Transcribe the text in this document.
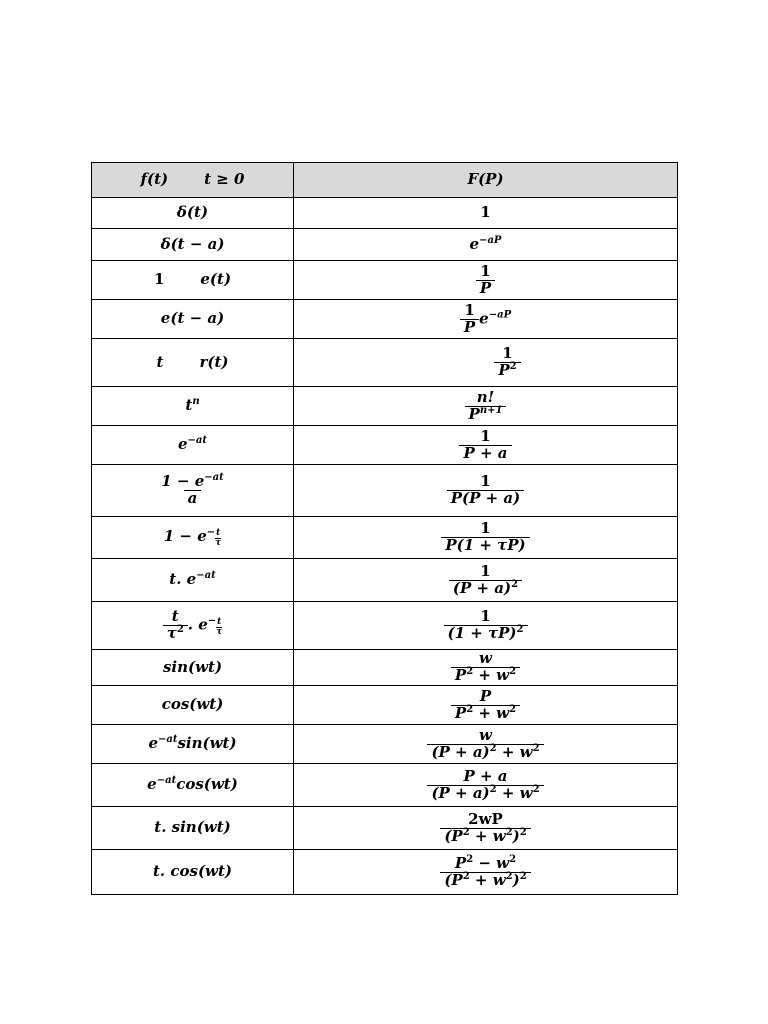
f(t) t ≥ 0	F(P)
δ(t)	1
δ(t − a)	$e^{-aP}$
1 e(t)	$\frac{1}{P}$

e(t − a)	$\frac{1}{P} e^{-aP}$
t r(t)	$\frac{1}{P^2}$

$t^n$	$\frac{n!}{P^{n+1}}$

$e^{-at}$	$\frac{1}{P + a}$

$\frac{1 - e^{-at}}{a}$	$\frac{1}{P(P + a)}$

$1 - e^- \frac{t}{\tau}$	$\frac{1}{P(1 + \tau P)}$

t. $e^{-at}$	$\frac{1}{(P + a)^2}$

$\frac{t}{\tau^2}$ . $e^- \frac{t}{\tau}$	$\frac{1}{(1 + \tau P)^2}$

sin(wt)	$\frac{w}{P^2 + w^2}$

cos(wt)	$\frac{P}{P^2 + w^2}$

$e^{-at}\sin(wt)$	$\frac{w}{(P + a)^2 + w^2}$

$e^{-at}\cos(wt)$	$\frac{P + a}{(P + a)^2 + w^2}$

t. sin(wt)	$\frac{2wP}{(P^2 + w^2)^2}$

t. cos(wt)	$\frac{P^2 - w^2}{(P^2 + w^2)^2}$
